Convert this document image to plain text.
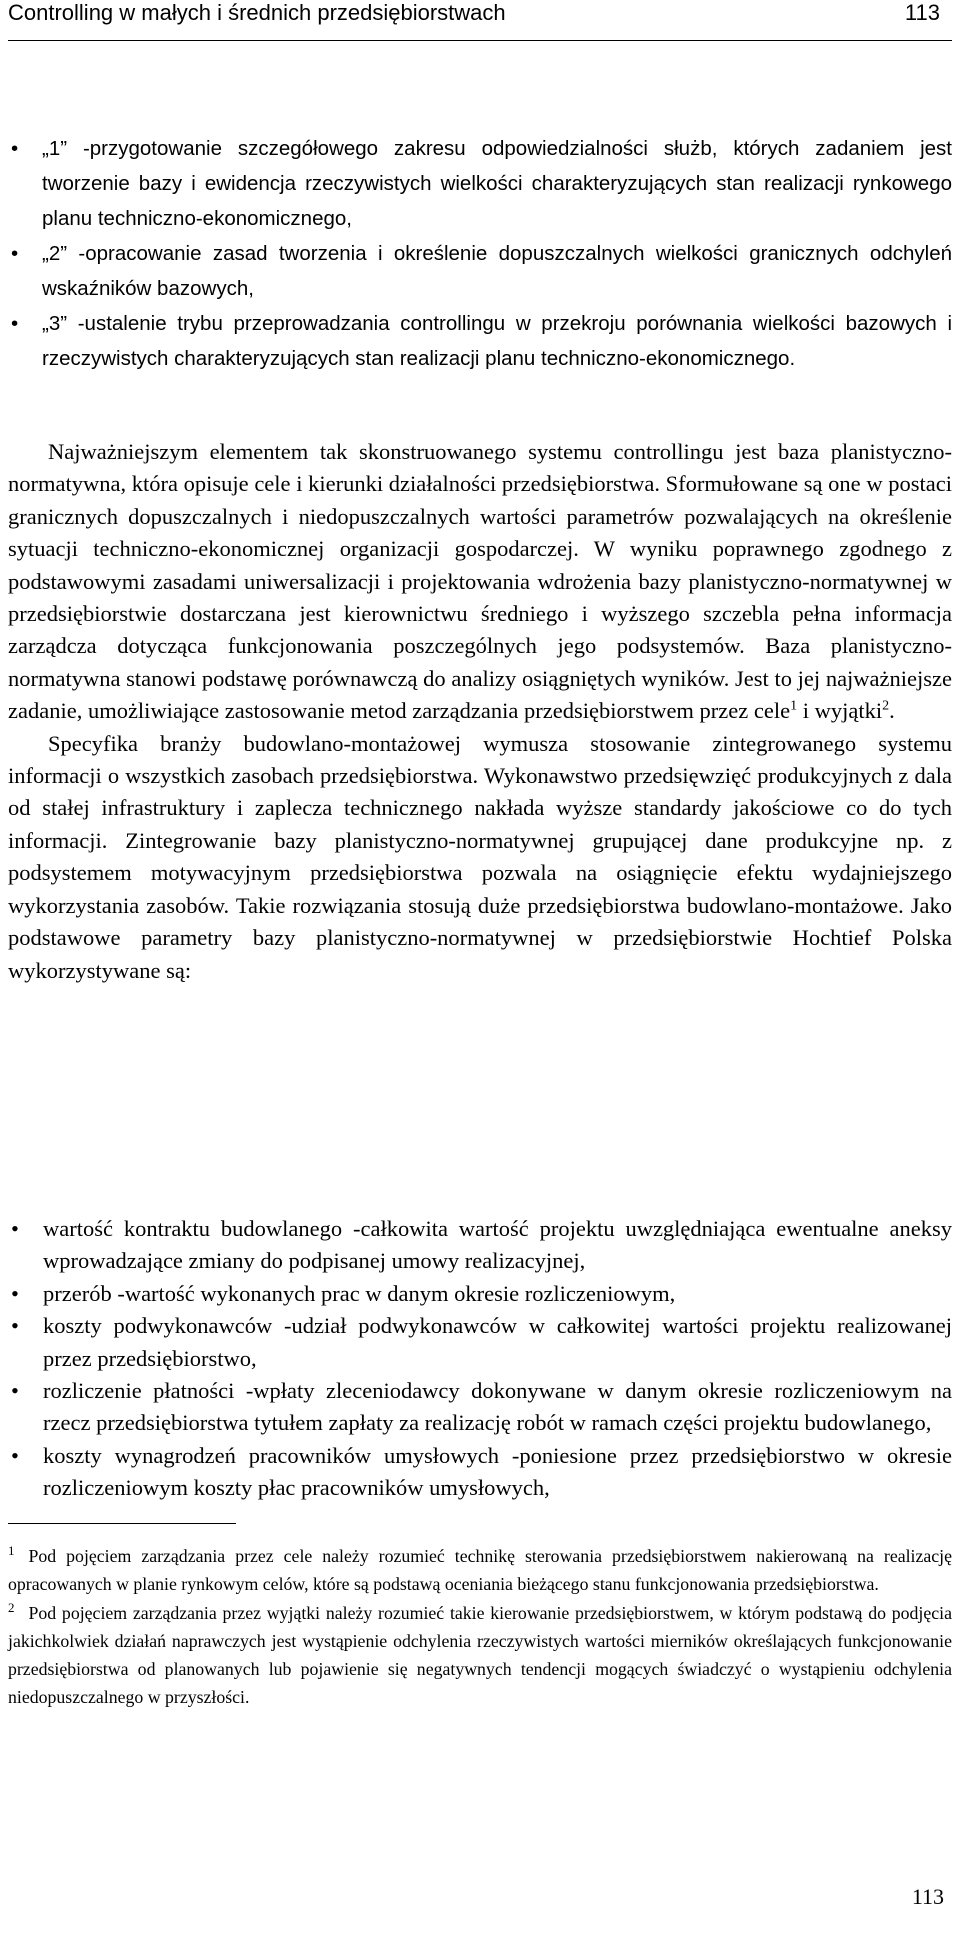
Controlling w małych i średnich przedsiębiorstwach	113
• „1” -przygotowanie szczegółowego zakresu odpowiedzialności służb, których zadaniem jest tworzenie bazy i ewidencja rzeczywistych wielkości charakteryzujących stan realizacji rynkowego planu techniczno-ekonomicznego,
• „2” -opracowanie zasad tworzenia i określenie dopuszczalnych wielkości granicznych odchyleń wskaźników bazowych,
• „3” -ustalenie trybu przeprowadzania controllingu w przekroju porównania wielkości bazowych i rzeczywistych charakteryzujących stan realizacji planu techniczno-ekonomicznego.

Najważniejszym elementem tak skonstruowanego systemu controllingu jest baza planistyczno-normatywna, która opisuje cele i kierunki działalności przedsiębiorstwa. Sformułowane są one w postaci granicznych dopuszczalnych i niedopuszczalnych wartości parametrów pozwalających na określenie sytuacji techniczno-ekonomicznej organizacji gospodarczej. W wyniku poprawnego zgodnego z podstawowymi zasadami uniwersalizacji i projektowania wdrożenia bazy planistyczno-normatywnej w przedsiębiorstwie dostarczana jest kierownictwu średniego i wyższego szczebla pełna informacja zarządcza dotycząca funkcjonowania poszczególnych jego podsystemów. Baza planistyczno-normatywna stanowi podstawę porównawczą do analizy osiągniętych wyników. Jest to jej najważniejsze zadanie, umożliwiające zastosowanie metod zarządzania przedsiębiorstwem przez cele$^1$ i wyjątki$^2$.

Specyfika branży budowlano-montażowej wymusza stosowanie zintegrowanego systemu informacji o wszystkich zasobach przedsiębiorstwa. Wykonawstwo przedsięwzięć produkcyjnych z dala od stałej infrastruktury i zaplecza technicznego nakłada wyższe standardy jakościowe co do tych informacji. Zintegrowanie bazy planistyczno-normatywnej grupującej dane produkcyjne np. z podsystemem motywacyjnym przedsiębiorstwa pozwala na osiągnięcie efektu wydajniejszego wykorzystania zasobów. Takie rozwiązania stosują duże przedsiębiorstwa budowlano-montażowe. Jako podstawowe parametry bazy planistyczno-normatywnej w przedsiębiorstwie Hochtief Polska wykorzystywane są:

• wartość kontraktu budowlanego -całkowita wartość projektu uwzględniająca ewentualne aneksy wprowadzające zmiany do podpisanej umowy realizacyjnej,
• przerób -wartość wykonanych prac w danym okresie rozliczeniowym,
• koszty podwykonawców -udział podwykonawców w całkowitej wartości projektu realizowanej przez przedsiębiorstwo,
• rozliczenie płatności -wpłaty zleceniodawcy dokonywane w danym okresie rozliczeniowym na rzecz przedsiębiorstwa tytułem zapłaty za realizację robót w ramach części projektu budowlanego,
• koszty wynagrodzeń pracowników umysłowych -poniesione przez przedsiębiorstwo w okresie rozliczeniowym koszty płac pracowników umysłowych,

$^1$ Pod pojęciem zarządzania przez cele należy rozumieć technikę sterowania przedsiębiorstwem nakierowaną na realizację opracowanych w planie rynkowym celów, które są podstawą oceniania bieżącego stanu funkcjonowania przedsiębiorstwa.

$^2$ Pod pojęciem zarządzania przez wyjątki należy rozumieć takie kierowanie przedsiębiorstwem, w którym podstawą do podjęcia jakichkolwiek działań naprawczych jest wystąpienie odchylenia rzeczywistych wartości mierników określających funkcjonowanie przedsiębiorstwa od planowanych lub pojawienie się negatywnych tendencji mogących świadczyć o wystąpieniu odchylenia niedopuszczalnego w przyszłości.

113
